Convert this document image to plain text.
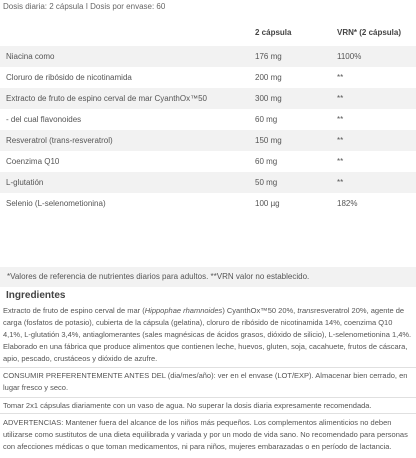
Dosis diaria: 2 cápsula I Dosis por envase: 60
	2 cápsula	VRN* (2 cápsula)
Niacina como	176 mg	1100%
Cloruro de ribósido de nicotinamida	200 mg	**
Extracto de fruto de espino cerval de mar CyanthOx™50	300 mg	**
- del cual flavonoides	60 mg	**
Resveratrol (trans-resveratrol)	150 mg	**
Coenzima Q10	60 mg	**
L-glutatión	50 mg	**
Selenio (L-selenometionina)	100 µg	182%
*Valores de referencia de nutrientes diarios para adultos. **VRN valor no establecido.
Ingredientes
Extracto de fruto de espino cerval de mar (Hippophae rhamnoides) CyanthOx™50 20%, transresveratrol 20%, agente de carga (fosfatos de potasio), cubierta de la cápsula (gelatina), cloruro de ribósido de nicotinamida 14%, coenzima Q10 4,1%, L-glutatión 3,4%, antiaglomerantes (sales magnésicas de ácidos grasos, dióxido de silicio), L-selenometionina 1,4%. Elaborado en una fábrica que produce alimentos que contienen leche, huevos, gluten, soja, cacahuete, frutos de cáscara, apio, pescado, crustáceos y dióxido de azufre.
CONSUMIR PREFERENTEMENTE ANTES DEL (dia/mes/año): ver en el envase (LOT/EXP). Almacenar bien cerrado, en lugar fresco y seco.
Tomar 2x1 cápsulas diariamente con un vaso de agua. No superar la dosis diaria expresamente recomendada.
ADVERTENCIAS: Mantener fuera del alcance de los niños más pequeños. Los complementos alimenticios no deben utilizarse como sustitutos de una dieta equilibrada y variada y por un modo de vida sano. No recomendado para personas con afecciones médicas o que toman medicamentos, ni para niños, mujeres embarazadas o en período de lactancia.
